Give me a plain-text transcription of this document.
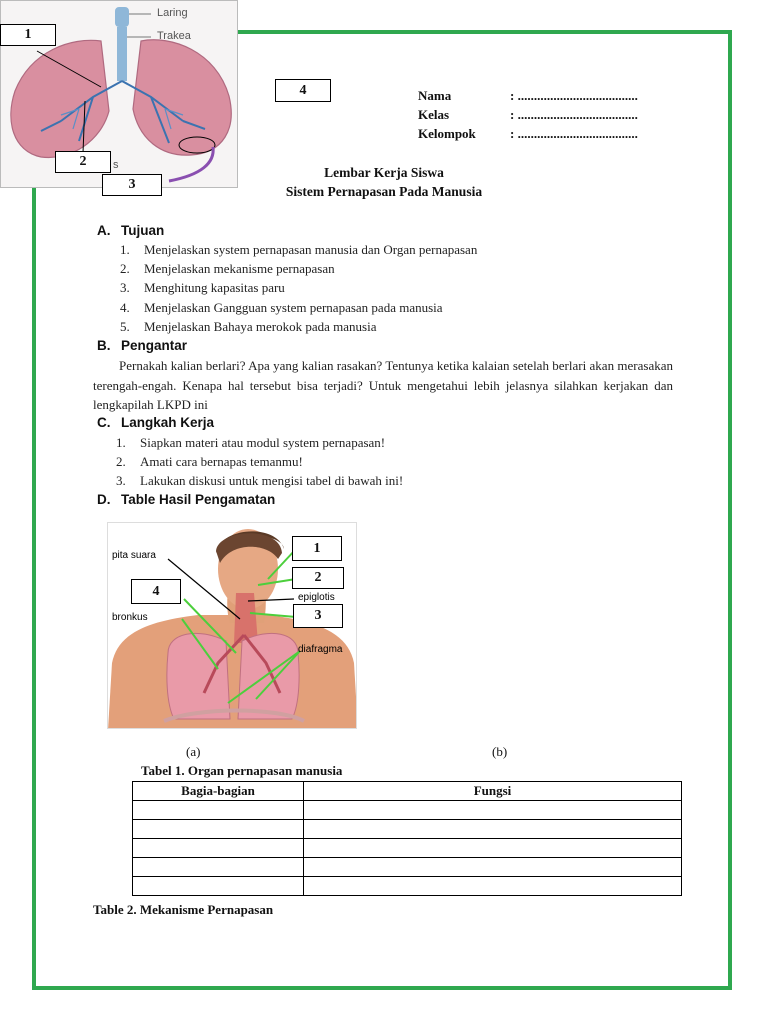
Laring
Trakea
s
1
2
3
4	Nama	: .....................................
Kelas	: .....................................
Kelompok	: .....................................
Lembar Kerja Siswa
Sistem Pernapasan Pada Manusia
A. Tujuan
1. Menjelaskan system pernapasan manusia dan Organ pernapasan
2. Menjelaskan mekanisme pernapasan
3. Menghitung kapasitas paru
4. Menjelaskan Gangguan system pernapasan pada manusia
5. Menjelaskan Bahaya merokok pada manusia
B. Pengantar
Pernakah kalian berlari? Apa yang kalian rasakan? Tentunya ketika kalaian setelah berlari akan merasakan terengah-engah. Kenapa hal tersebut bisa terjadi? Untuk mengetahui lebih jelasnya silahkan kerjakan dan lengkapilah LKPD ini
C. Langkah Kerja
1. Siapkan materi atau modul system pernapasan!
2. Amati cara bernapas temanmu!
3. Lakukan diskusi untuk mengisi tabel di bawah ini!
D. Table Hasil Pengamatan
pita suara
bronkus
epiglotis
diafragma
1
2
3
4
(a)	(b)
Tabel 1. Organ pernapasan manusia
Bagia-bagian	Fungsi

Table 2. Mekanisme Pernapasan
